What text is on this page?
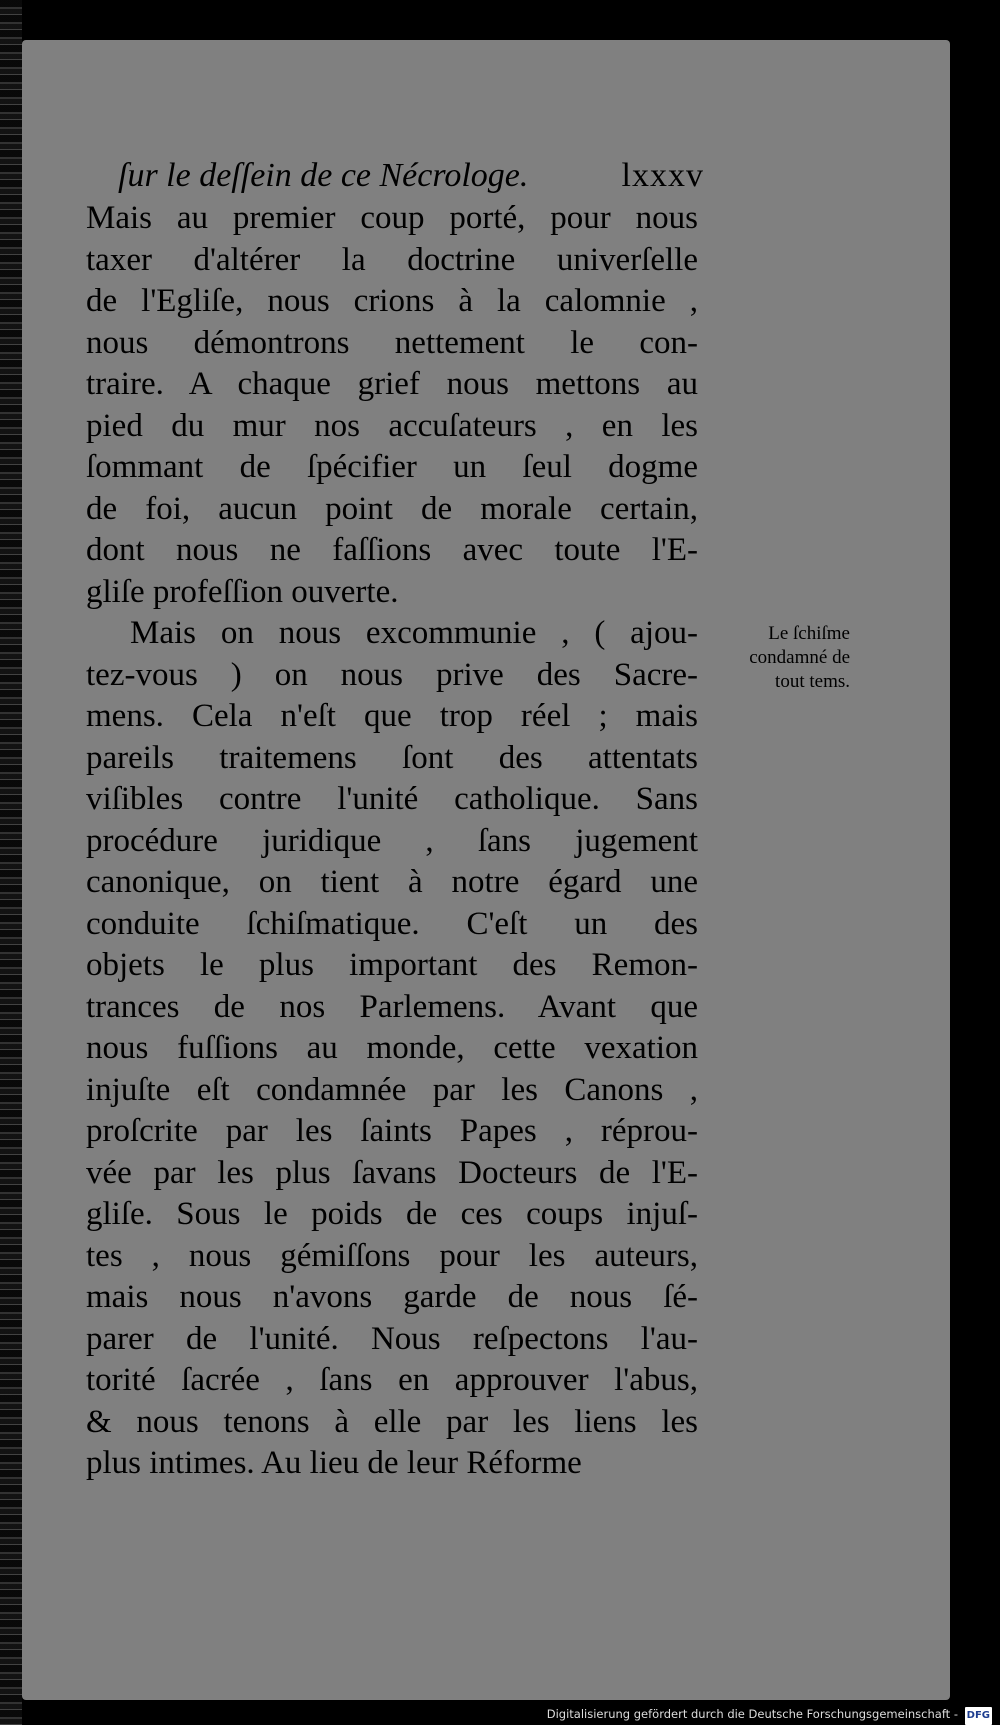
ſur le deſſein de ce Nécrologe.	lxxxv
Mais au premier coup porté, pour nous
taxer d'altérer la doctrine univerſelle
de l'Egliſe, nous crions à la calomnie ,
nous démontrons nettement le con-
traire. A chaque grief nous mettons au
pied du mur nos accuſateurs , en les
ſommant de ſpécifier un ſeul dogme
de foi, aucun point de morale certain,
dont nous ne faſſions avec toute l'E-
gliſe profeſſion ouverte.
Mais on nous excommunie , ( ajou-
tez-vous ) on nous prive des Sacre-
mens. Cela n'eſt que trop réel ; mais
pareils traitemens ſont des attentats
viſibles contre l'unité catholique. Sans
procédure juridique , ſans jugement
canonique, on tient à notre égard une
conduite ſchiſmatique. C'eſt un des
objets le plus important des Remon-
trances de nos Parlemens. Avant que
nous fuſſions au monde, cette vexation
injuſte eſt condamnée par les Canons ,
proſcrite par les ſaints Papes , réprou-
vée par les plus ſavans Docteurs de l'E-
gliſe. Sous le poids de ces coups injuſ-
tes , nous gémiſſons pour les auteurs,
mais nous n'avons garde de nous ſé-
parer de l'unité. Nous reſpectons l'au-
torité ſacrée , ſans en approuver l'abus,
& nous tenons à elle par les liens les
plus intimes. Au lieu de leur Réforme
Le ſchiſme
condamné de
tout tems.
Digitalisierung gefördert durch die Deutsche Forschungsgemeinschaft - DFG
